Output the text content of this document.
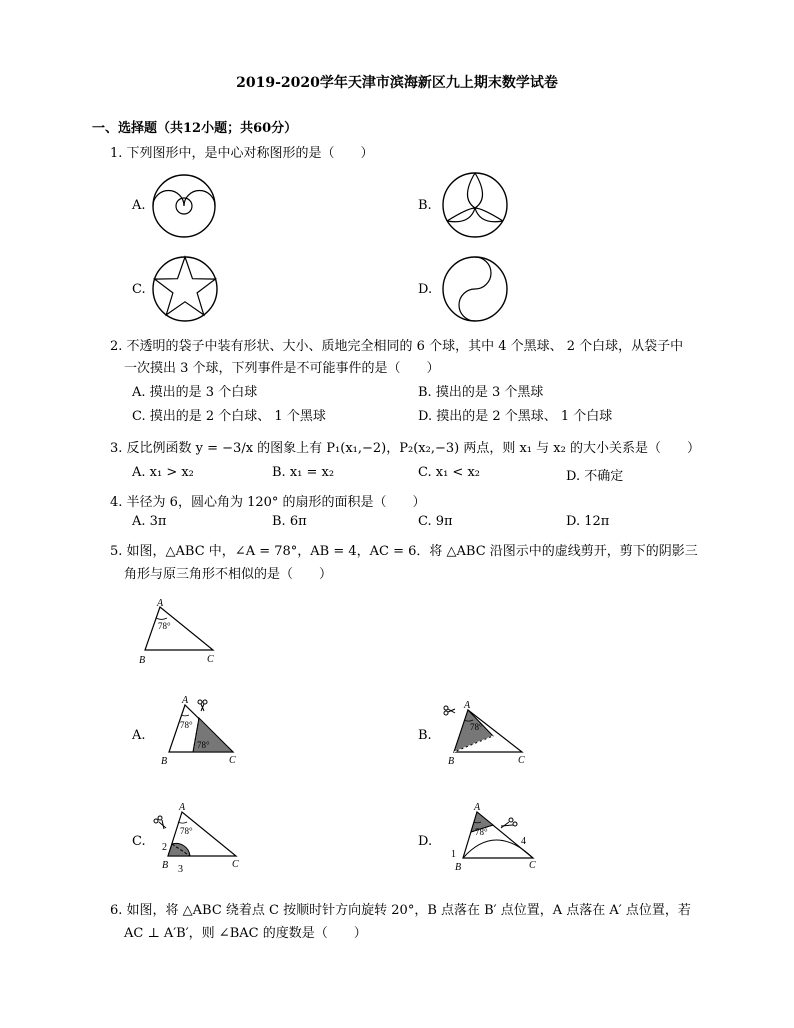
2019-2020学年天津市滨海新区九上期末数学试卷
一、选择题（共12小题；共60分）
1. 下列图形中，是中心对称图形的是（　　）
A.	B.
C.	D.
2. 不透明的袋子中装有形状、大小、质地完全相同的 6 个球，其中 4 个黑球、 2 个白球，从袋子中
一次摸出 3 个球，下列事件是不可能事件的是（　　）
A. 摸出的是 3 个白球	B. 摸出的是 3 个黑球
C. 摸出的是 2 个白球、 1 个黑球	D. 摸出的是 2 个黑球、 1 个白球
3. 反比例函数 y = −3/x 的图象上有 P₁(x₁,−2)，P₂(x₂,−3) 两点，则 x₁ 与 x₂ 的大小关系是（　　）
A. x₁ > x₂	B. x₁ = x₂	C. x₁ < x₂	D. 不确定
4. 半径为 6，圆心角为 120° 的扇形的面积是（　　）
A. 3π	B. 6π	C. 9π	D. 12π
5. 如图，△ABC 中，∠A = 78°，AB = 4，AC = 6．将 △ABC 沿图示中的虚线剪开，剪下的阴影三
角形与原三角形不相似的是（　　）
A
B	C
78°
A.
A
B	C
78°
78°
B.
A
B	C
78°
C.
A
B	C
78°
2
3
D.
A
B	C
78°
1
4
6. 如图，将 △ABC 绕着点 C 按顺时针方向旋转 20°，B 点落在 B′ 点位置，A 点落在 A′ 点位置，若
AC ⊥ A′B′，则 ∠BAC 的度数是（　　）
